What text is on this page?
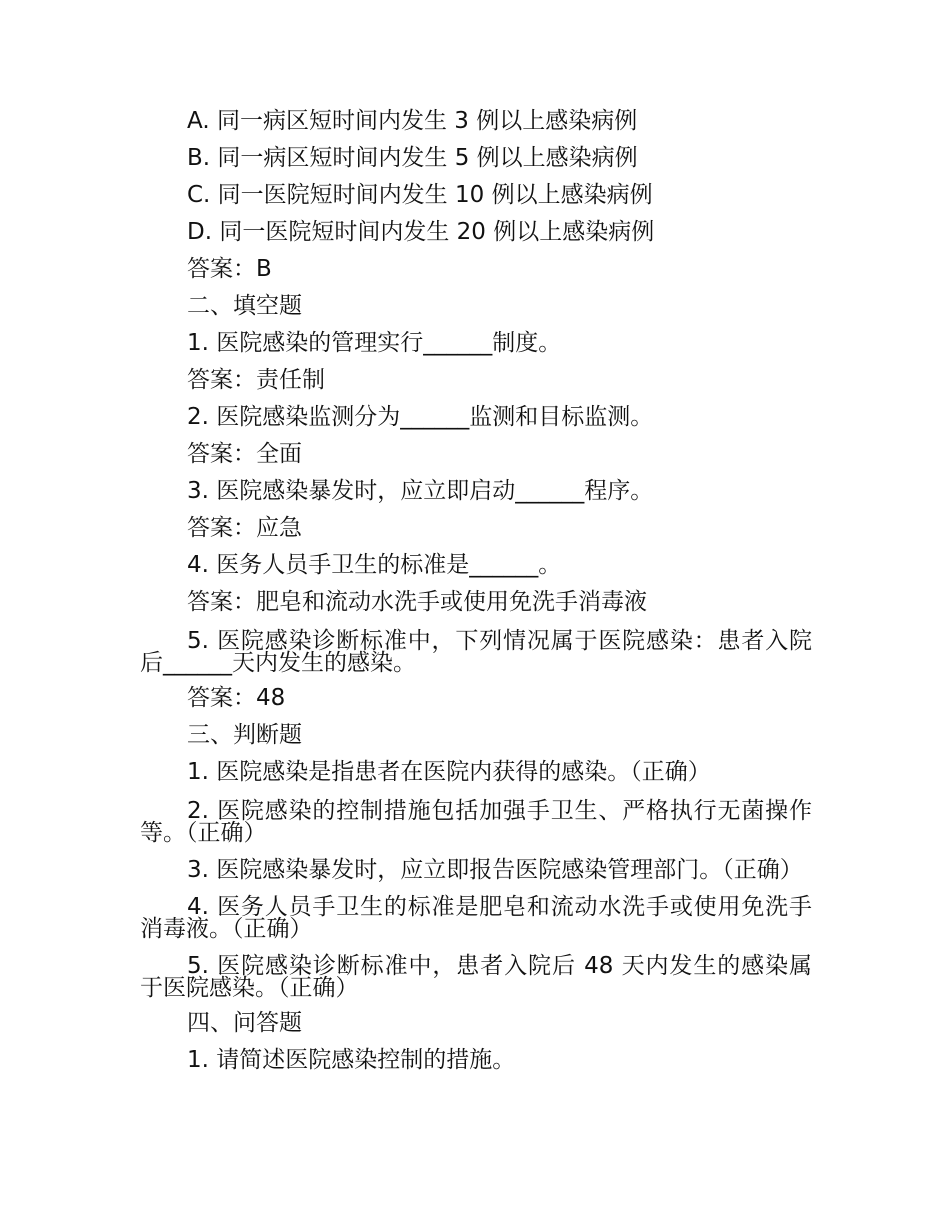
A. 同一病区短时间内发生 3 例以上感染病例
B. 同一病区短时间内发生 5 例以上感染病例
C. 同一医院短时间内发生 10 例以上感染病例
D. 同一医院短时间内发生 20 例以上感染病例
答案：B
二、填空题
1. 医院感染的管理实行______制度。
答案：责任制
2. 医院感染监测分为______监测和目标监测。
答案：全面
3. 医院感染暴发时，应立即启动______程序。
答案：应急
4. 医务人员手卫生的标准是______。
答案：肥皂和流动水洗手或使用免洗手消毒液
5. 医院感染诊断标准中，下列情况属于医院感染：患者入院后______天内发生的感染。
答案：48
三、判断题
1. 医院感染是指患者在医院内获得的感染。（正确）
2. 医院感染的控制措施包括加强手卫生、严格执行无菌操作等。（正确）
3. 医院感染暴发时，应立即报告医院感染管理部门。（正确）
4. 医务人员手卫生的标准是肥皂和流动水洗手或使用免洗手消毒液。（正确）
5. 医院感染诊断标准中，患者入院后 48 天内发生的感染属于医院感染。（正确）
四、问答题
1. 请简述医院感染控制的措施。
